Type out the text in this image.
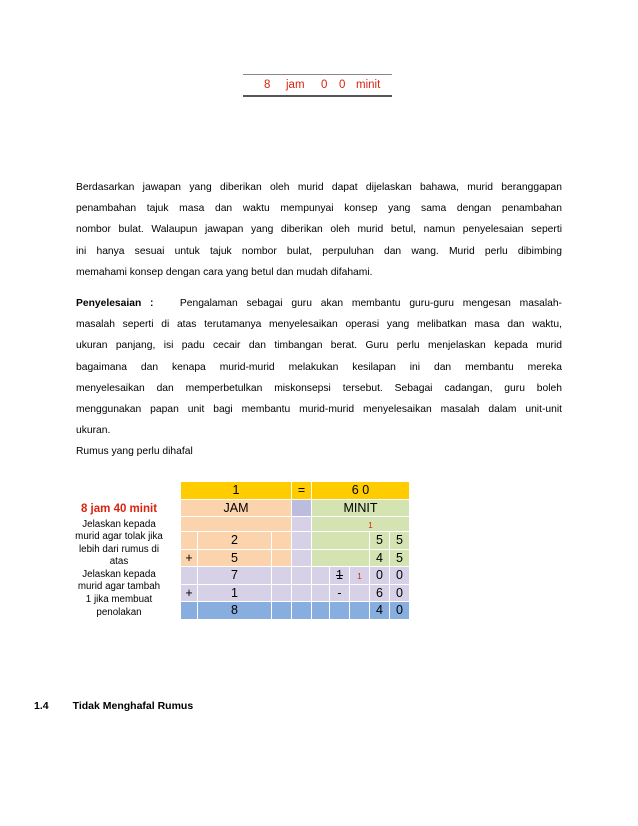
8 jam 0 0 minit
Berdasarkan jawapan yang diberikan oleh murid dapat dijelaskan bahawa, murid beranggapan
penambahan tajuk masa dan waktu mempunyai konsep yang sama dengan penambahan
nombor bulat. Walaupun jawapan yang diberikan oleh murid betul, namun penyelesaian seperti
ini hanya sesuai untuk tajuk nombor bulat, perpuluhan dan wang. Murid perlu dibimbing
memahami konsep dengan cara yang betul dan mudah difahami.
Penyelesaian :	Pengalaman sebagai guru akan membantu guru-guru mengesan masalah-
masalah seperti di atas terutamanya menyelesaikan operasi yang melibatkan masa dan waktu,
ukuran panjang, isi padu cecair dan timbangan berat. Guru perlu menjelaskan kepada murid
bagaimana dan kenapa murid-murid melakukan kesilapan ini dan membantu mereka
menyelesaikan dan memperbetulkan miskonsepsi tersebut. Sebagai cadangan, guru boleh
menggunakan papan unit bagi membantu murid-murid menyelesaikan masalah dalam unit-unit
ukuran.
Rumus yang perlu dihafal
8 jam 40 minit
Jelaskan kepada murid agar tolak jika lebih dari rumus di atas
Jelaskan kepada murid agar tambah 1 jika membuat penolakan
1			=	6 0				
JAM				MINIT				
				1				
	2						5	5
+	5						4	5
	7				1	1	0	0
+	1				-		6	0
	8						4	0
1.4 Tidak Menghafal Rumus
